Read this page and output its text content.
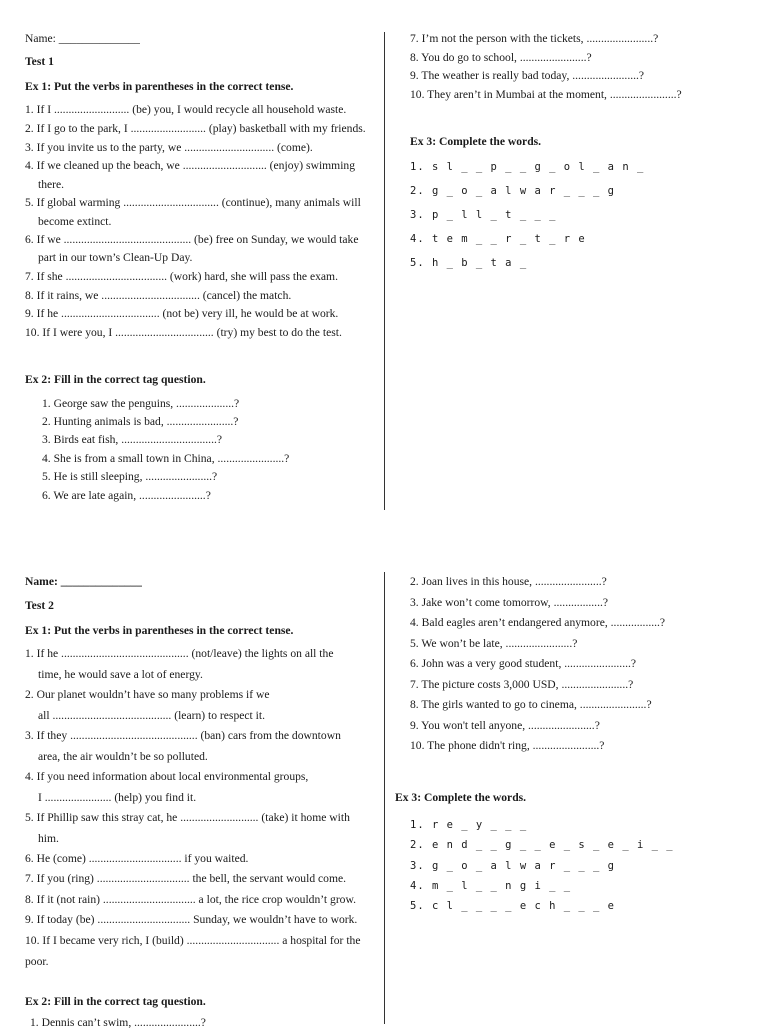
Name: ______________
Test 1
Ex 1: Put the verbs in parentheses in the correct tense.
1. If I .......................... (be) you, I would recycle all household waste.
2. If I go to the park, I .......................... (play) basketball with my friends.
3. If you invite us to the party, we ............................... (come).
4. If we cleaned up the beach, we ............................. (enjoy) swimming
there.
5. If global warming ................................. (continue), many animals will
become extinct.
6. If we ............................................ (be) free on Sunday, we would take
part in our town’s Clean-Up Day.
7. If she ................................... (work) hard, she will pass the exam.
8. If it rains, we .................................. (cancel) the match.
9. If he .................................. (not be) very ill, he would be at work.
10. If I were you, I .................................. (try) my best to do the test.
Ex 2: Fill in the correct tag question.
1. George saw the penguins, ....................?
2. Hunting animals is bad, .......................?
3. Birds eat fish, .................................?
4. She is from a small town in China, .......................?
5. He is still sleeping, .......................?
6. We are late again, .......................?
7. I’m not the person with the tickets, .......................?
8. You do go to school, .......................?
9. The weather is really bad today, .......................?
10. They aren’t in Mumbai at the moment, .......................?
Ex 3: Complete the words.
1. s l _ _ p _ _ g _ o l _ a n _
2. g _ o _ a l w a r _ _ _ g
3. p _ l l _ t _ _ _
4. t e m _ _ r _ t _ r e
5. h _ b _ t a _
Name: ______________
Test 2
Ex 1: Put the verbs in parentheses in the correct tense.
1. If he ............................................ (not/leave) the lights on all the
time, he would save a lot of energy.
2. Our planet wouldn’t have so many problems if we
all ......................................... (learn) to respect it.
3. If they ............................................ (ban) cars from the downtown
area, the air wouldn’t be so polluted.
4. If you need information about local environmental groups,
I ....................... (help) you find it.
5. If Phillip saw this stray cat, he ........................... (take) it home with
him.
6. He (come) ................................ if you waited.
7. If you (ring) ................................ the bell, the servant would come.
8. If it (not rain) ................................ a lot, the rice crop wouldn’t grow.
9. If today (be) ................................ Sunday, we wouldn’t have to work.
10. If I became very rich, I (build) ................................ a hospital for the
poor.
Ex 2: Fill in the correct tag question.
1. Dennis can’t swim, .......................?
2. Joan lives in this house, .......................?
3. Jake won’t come tomorrow, .................?
4. Bald eagles aren’t endangered anymore, .................?
5. We won’t be late, .......................?
6. John was a very good student, .......................?
7. The picture costs 3,000 USD, .......................?
8. The girls wanted to go to cinema, .......................?
9. You won't tell anyone, .......................?
10. The phone didn't ring, .......................?
Ex 3: Complete the words.
1. r e _ y _ _ _
2. e n d _ _ g _ _ e _ s _ e _ i _ _
3. g _ o _ a l w a r _ _ _ g
4. m _ l _ _ n g i _ _
5. c l _ _ _ _ e c h _ _ _ e
